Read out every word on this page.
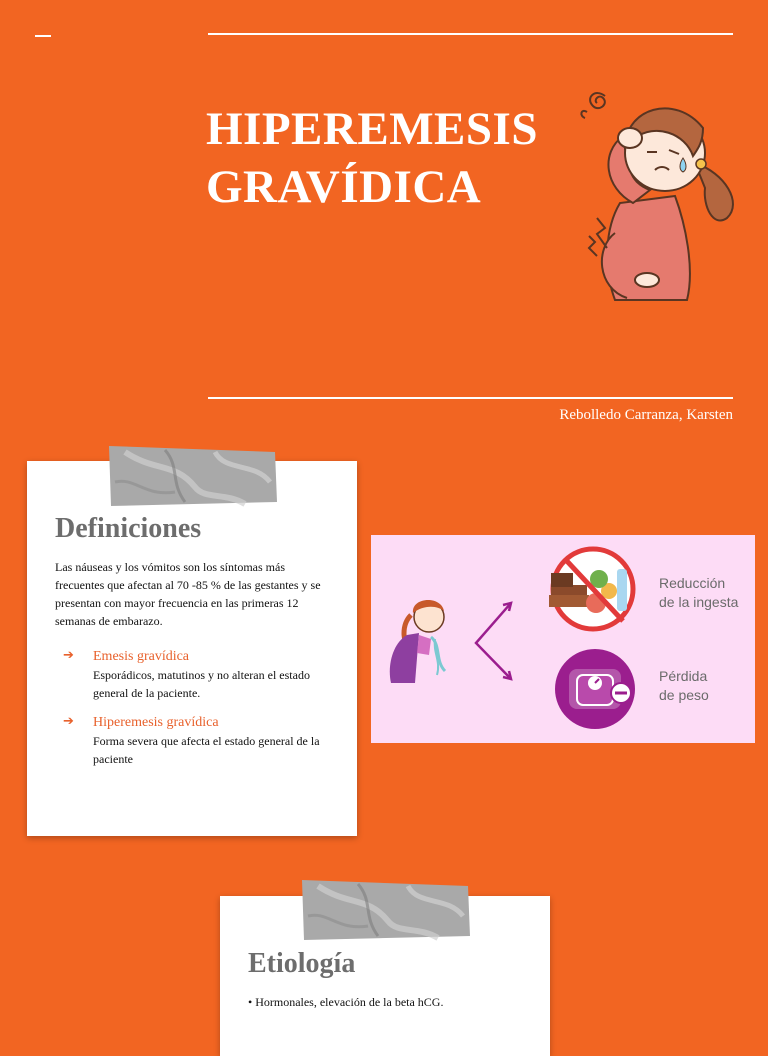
HIPEREMESIS
GRAVÍDICA
Rebolledo Carranza, Karsten
Definiciones

Las náuseas y los vómitos son los síntomas más frecuentes que afectan al 70 -85 % de las gestantes y se presentan con mayor frecuencia en las primeras 12 semanas de embarazo.

➔ Emesis gravídica
Esporádicos, matutinos y no alteran el estado general de la paciente.
➔ Hiperemesis gravídica
Forma severa que afecta el estado general de la paciente
Reducción
de la ingesta
Pérdida
de peso
Etiología
• Hormonales, elevación de la beta hCG.
